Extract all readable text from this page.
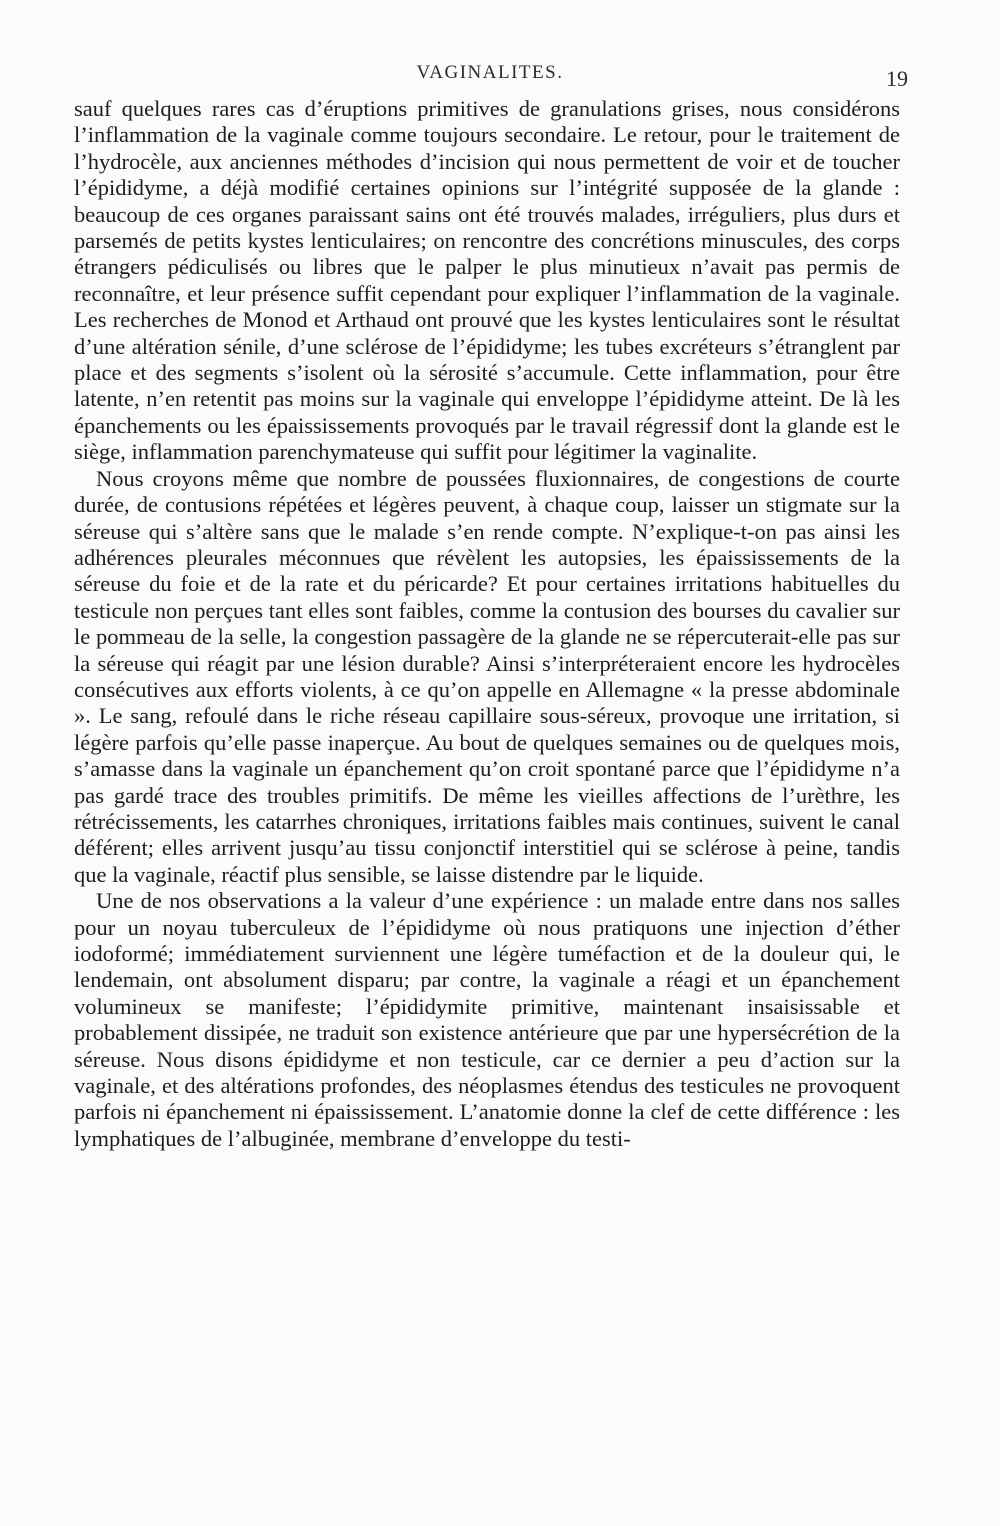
VAGINALITES.	19

sauf quelques rares cas d’éruptions primitives de granulations grises, nous considérons l’inflammation de la vaginale comme toujours secondaire. Le retour, pour le traitement de l’hydrocèle, aux anciennes méthodes d’incision qui nous permettent de voir et de toucher l’épididyme, a déjà modifié certaines opinions sur l’intégrité supposée de la glande : beaucoup de ces organes paraissant sains ont été trouvés malades, irréguliers, plus durs et parsemés de petits kystes lenticulaires; on rencontre des concrétions minuscules, des corps étrangers pédiculisés ou libres que le palper le plus minutieux n’avait pas permis de reconnaître, et leur présence suffit cependant pour expliquer l’inflammation de la vaginale. Les recherches de Monod et Arthaud ont prouvé que les kystes lenticulaires sont le résultat d’une altération sénile, d’une sclérose de l’épididyme; les tubes excréteurs s’étranglent par place et des segments s’isolent où la sérosité s’accumule. Cette inflammation, pour être latente, n’en retentit pas moins sur la vaginale qui enveloppe l’épididyme atteint. De là les épanchements ou les épaississements provoqués par le travail régressif dont la glande est le siège, inflammation parenchymateuse qui suffit pour légitimer la vaginalite.

Nous croyons même que nombre de poussées fluxionnaires, de congestions de courte durée, de contusions répétées et légères peuvent, à chaque coup, laisser un stigmate sur la séreuse qui s’altère sans que le malade s’en rende compte. N’explique-t-on pas ainsi les adhérences pleurales méconnues que révèlent les autopsies, les épaississements de la séreuse du foie et de la rate et du péricarde? Et pour certaines irritations habituelles du testicule non perçues tant elles sont faibles, comme la contusion des bourses du cavalier sur le pommeau de la selle, la congestion passagère de la glande ne se répercuterait-elle pas sur la séreuse qui réagit par une lésion durable? Ainsi s’interpréteraient encore les hydrocèles consécutives aux efforts violents, à ce qu’on appelle en Allemagne « la presse abdominale ». Le sang, refoulé dans le riche réseau capillaire sous-séreux, provoque une irritation, si légère parfois qu’elle passe inaperçue. Au bout de quelques semaines ou de quelques mois, s’amasse dans la vaginale un épanchement qu’on croit spontané parce que l’épididyme n’a pas gardé trace des troubles primitifs. De même les vieilles affections de l’urèthre, les rétrécissements, les catarrhes chroniques, irritations faibles mais continues, suivent le canal déférent; elles arrivent jusqu’au tissu conjonctif interstitiel qui se sclérose à peine, tandis que la vaginale, réactif plus sensible, se laisse distendre par le liquide.

Une de nos observations a la valeur d’une expérience : un malade entre dans nos salles pour un noyau tuberculeux de l’épididyme où nous pratiquons une injection d’éther iodoformé; immédiatement surviennent une légère tuméfaction et de la douleur qui, le lendemain, ont absolument disparu; par contre, la vaginale a réagi et un épanchement volumineux se manifeste; l’épididymite primitive, maintenant insaisissable et probablement dissipée, ne traduit son existence antérieure que par une hypersécrétion de la séreuse. Nous disons épididyme et non testicule, car ce dernier a peu d’action sur la vaginale, et des altérations profondes, des néoplasmes étendus des testicules ne provoquent parfois ni épanchement ni épaississement. L’anatomie donne la clef de cette différence : les lymphatiques de l’albuginée, membrane d’enveloppe du testi-
